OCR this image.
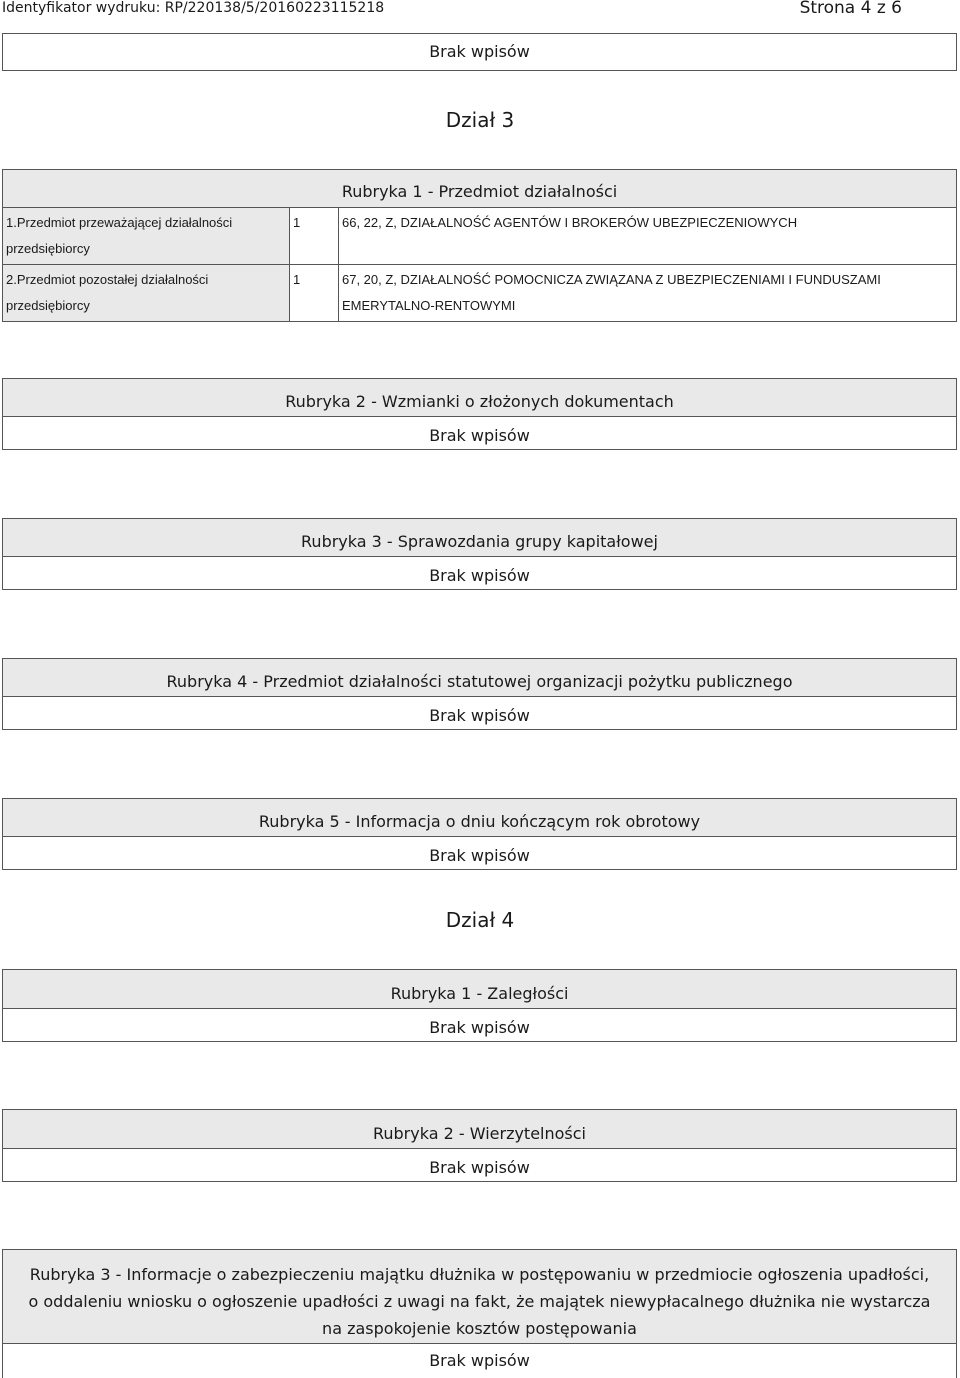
Identyfikator wydruku: RP/220138/5/20160223115218	Strona 4 z 6
Brak wpisów
Dział 3
Rubryka 1 - Przedmiot działalności
1.Przedmiot przeważającej działalności przedsiębiorcy	1	66, 22, Z, DZIAŁALNOŚĆ AGENTÓW I BROKERÓW UBEZPIECZENIOWYCH
2.Przedmiot pozostałej działalności przedsiębiorcy	1	67, 20, Z, DZIAŁALNOŚĆ POMOCNICZA ZWIĄZANA Z UBEZPIECZENIAMI I FUNDUSZAMI EMERYTALNO-RENTOWYMI
Rubryka 2 - Wzmianki o złożonych dokumentach
Brak wpisów
Rubryka 3 - Sprawozdania grupy kapitałowej
Brak wpisów
Rubryka 4 - Przedmiot działalności statutowej organizacji pożytku publicznego
Brak wpisów
Rubryka 5 - Informacja o dniu kończącym rok obrotowy
Brak wpisów
Dział 4
Rubryka 1 - Zaległości
Brak wpisów
Rubryka 2 - Wierzytelności
Brak wpisów
Rubryka 3 - Informacje o zabezpieczeniu majątku dłużnika w postępowaniu w przedmiocie ogłoszenia upadłości, o oddaleniu wniosku o ogłoszenie upadłości z uwagi na fakt, że majątek niewypłacalnego dłużnika nie wystarcza na zaspokojenie kosztów postępowania
Brak wpisów
